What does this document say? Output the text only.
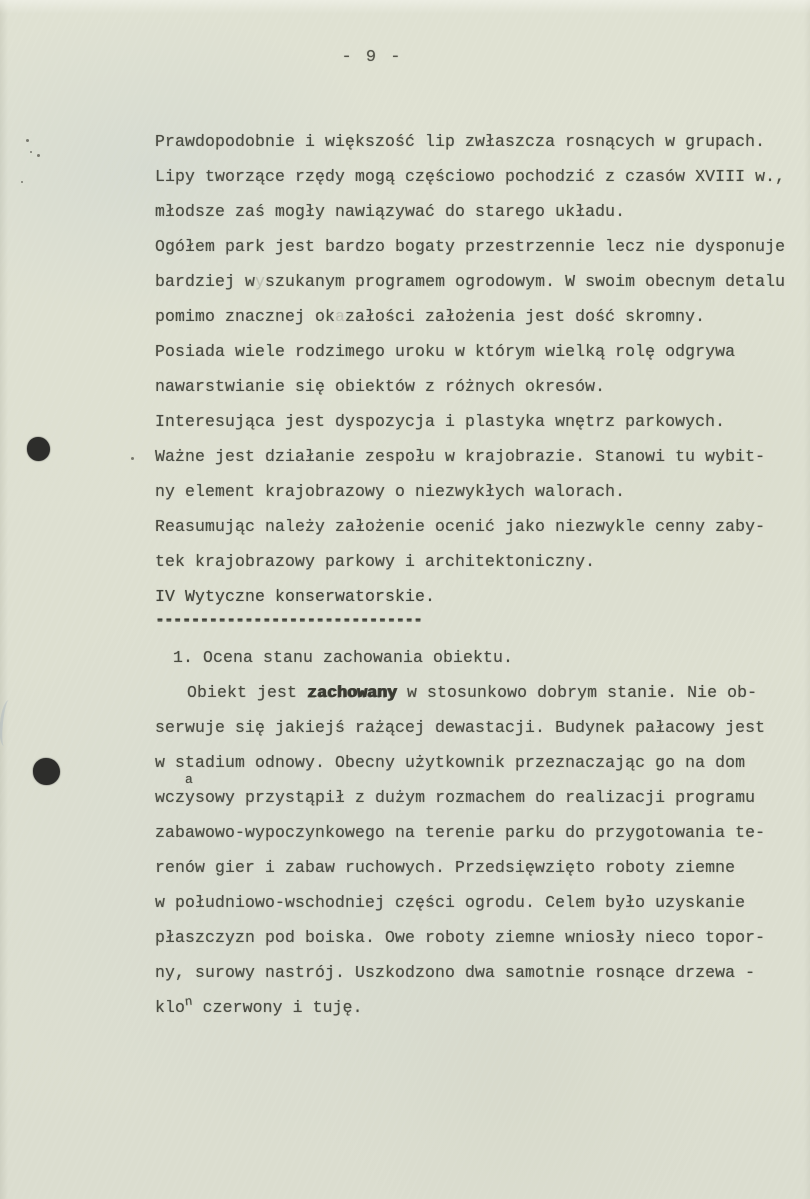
- 9 -
Prawdopodobnie i większość lip zwłaszcza rosnących w grupach.
Lipy tworzące rzędy mogą częściowo pochodzić z czasów XVIII w.,
młodsze zaś mogły nawiązywać do starego układu.
Ogółem park jest bardzo bogaty przestrzennie lecz nie dysponuje
bardziej wyszukanym programem ogrodowym. W swoim obecnym detalu
pomimo znacznej okazałości założenia jest dość skromny.
Posiada wiele rodzimego uroku w którym wielką rolę odgrywa
nawarstwianie się obiektów z różnych okresów.
Interesująca jest dyspozycja i plastyka wnętrz parkowych.
Ważne jest działanie zespołu w krajobrazie. Stanowi tu wybit-
ny element krajobrazowy o niezwykłych walorach.
Reasumując należy założenie ocenić jako niezwykle cenny zaby-
tek krajobrazowy parkowy i architektoniczny.
IV Wytyczne konserwatorskie.
------------------------------
1. Ocena stanu zachowania obiektu.
Obiekt jest zachowany w stosunkowo dobrym stanie. Nie ob-
serwuje się jakiejś rażącej dewastacji. Budynek pałacowy jest
w stadium odnowy. Obecny użytkownik przeznaczając go na dom
wczy
a
sowy przystąpił z dużym rozmachem do realizacji programu
zabawowo-wypoczynkowego na terenie parku do przygotowania te-
renów gier i zabaw ruchowych. Przedsięwzięto roboty ziemne
w południowo-wschodniej części ogrodu. Celem było uzyskanie
płaszczyzn pod boiska. Owe roboty ziemne wniosły nieco topor-
ny, surowy nastrój. Uszkodzono dwa samotnie rosnące drzewa -
klon czerwony i tuję.
